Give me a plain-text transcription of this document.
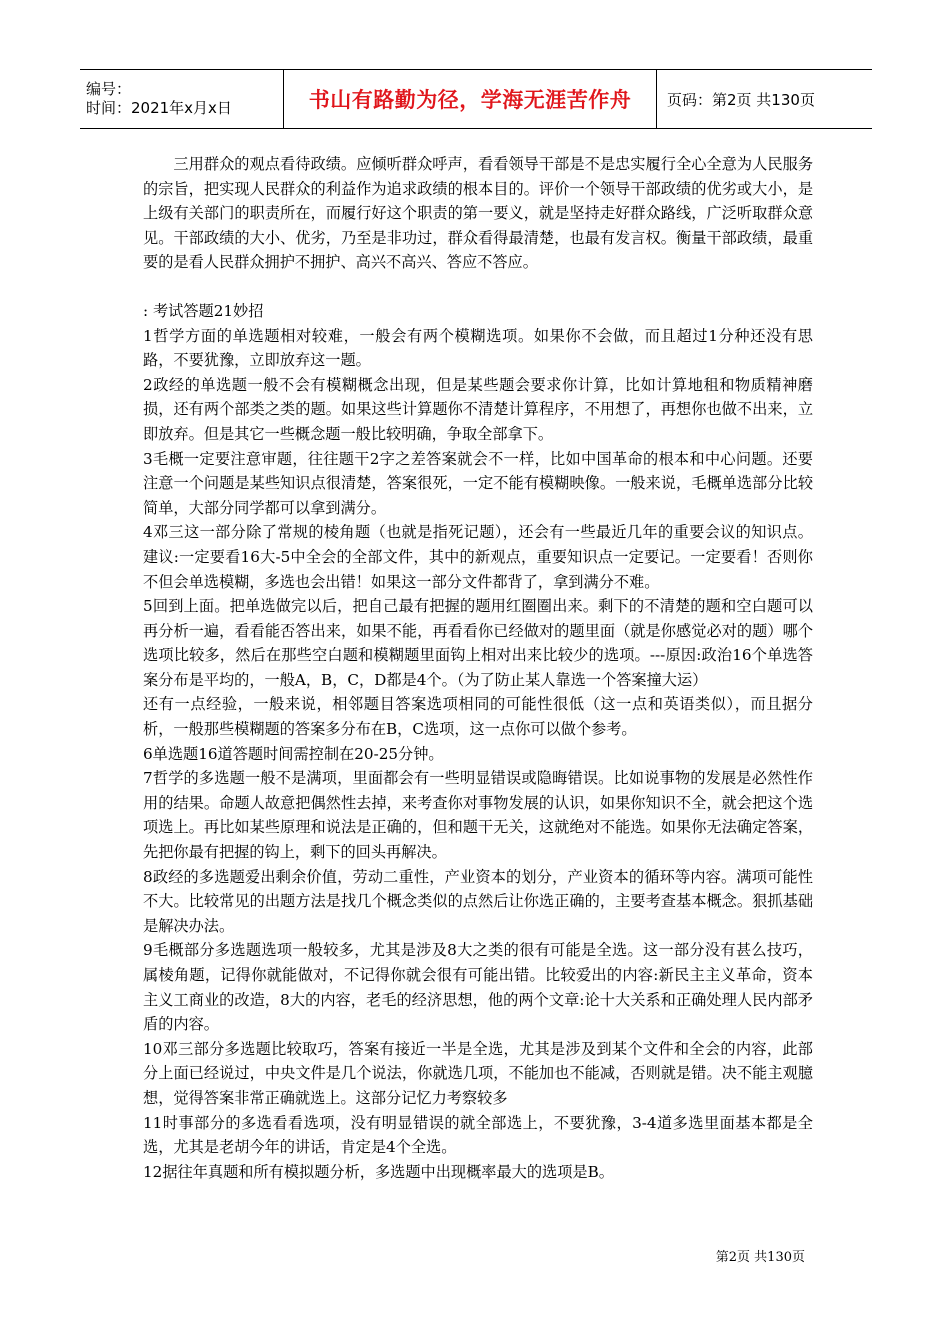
编号：
时间：2021年x月x日	书山有路勤为径，学海无涯苦作舟 页码：第2页 共130页

三用群众的观点看待政绩。应倾听群众呼声，看看领导干部是不是忠实履行全心全意为人民服务的宗旨，把实现人民群众的利益作为追求政绩的根本目的。评价一个领导干部政绩的优劣或大小，是上级有关部门的职责所在，而履行好这个职责的第一要义，就是坚持走好群众路线，广泛听取群众意见。干部政绩的大小、优劣，乃至是非功过，群众看得最清楚，也最有发言权。衡量干部政绩，最重要的是看人民群众拥护不拥护、高兴不高兴、答应不答应。

: 考试答题21妙招

1哲学方面的单选题相对较难，一般会有两个模糊选项。如果你不会做，而且超过1分种还没有思路，不要犹豫，立即放弃这一题。

2政经的单选题一般不会有模糊概念出现，但是某些题会要求你计算，比如计算地租和物质精神磨损，还有两个部类之类的题。如果这些计算题你不清楚计算程序，不用想了，再想你也做不出来，立即放弃。但是其它一些概念题一般比较明确，争取全部拿下。

3毛概一定要注意审题，往往题干2字之差答案就会不一样，比如中国革命的根本和中心问题。还要注意一个问题是某些知识点很清楚，答案很死，一定不能有模糊映像。一般来说，毛概单选部分比较简单，大部分同学都可以拿到满分。

4邓三这一部分除了常规的棱角题（也就是指死记题），还会有一些最近几年的重要会议的知识点。建议:一定要看16大-5中全会的全部文件，其中的新观点，重要知识点一定要记。一定要看！否则你不但会单选模糊，多选也会出错！如果这一部分文件都背了，拿到满分不难。

5回到上面。把单选做完以后，把自己最有把握的题用红圈圈出来。剩下的不清楚的题和空白题可以再分析一遍，看看能否答出来，如果不能，再看看你已经做对的题里面（就是你感觉必对的题）哪个选项比较多，然后在那些空白题和模糊题里面钩上相对出来比较少的选项。---原因:政治16个单选答案分布是平均的，一般A，B，C，D都是4个。（为了防止某人靠选一个答案撞大运）

还有一点经验，一般来说，相邻题目答案选项相同的可能性很低（这一点和英语类似），而且据分析，一般那些模糊题的答案多分布在B，C选项，这一点你可以做个参考。

6单选题16道答题时间需控制在20-25分钟。

7哲学的多选题一般不是满项，里面都会有一些明显错误或隐晦错误。比如说事物的发展是必然性作用的结果。命题人故意把偶然性去掉，来考查你对事物发展的认识，如果你知识不全，就会把这个选项选上。再比如某些原理和说法是正确的，但和题干无关，这就绝对不能选。如果你无法确定答案，先把你最有把握的钩上，剩下的回头再解决。

8政经的多选题爱出剩余价值，劳动二重性，产业资本的划分，产业资本的循环等内容。满项可能性不大。比较常见的出题方法是找几个概念类似的点然后让你选正确的，主要考查基本概念。狠抓基础是解决办法。

9毛概部分多选题选项一般较多，尤其是涉及8大之类的很有可能是全选。这一部分没有甚么技巧，属棱角题，记得你就能做对，不记得你就会很有可能出错。比较爱出的内容:新民主主义革命，资本主义工商业的改造，8大的内容，老毛的经济思想，他的两个文章:论十大关系和正确处理人民内部矛盾的内容。

10邓三部分多选题比较取巧，答案有接近一半是全选，尤其是涉及到某个文件和全会的内容，此部分上面已经说过，中央文件是几个说法，你就选几项，不能加也不能减，否则就是错。决不能主观臆想，觉得答案非常正确就选上。这部分记忆力考察较多

11时事部分的多选看看选项，没有明显错误的就全部选上，不要犹豫，3-4道多选里面基本都是全选，尤其是老胡今年的讲话，肯定是4个全选。

12据往年真题和所有模拟题分析，多选题中出现概率最大的选项是B。

第2页 共130页
